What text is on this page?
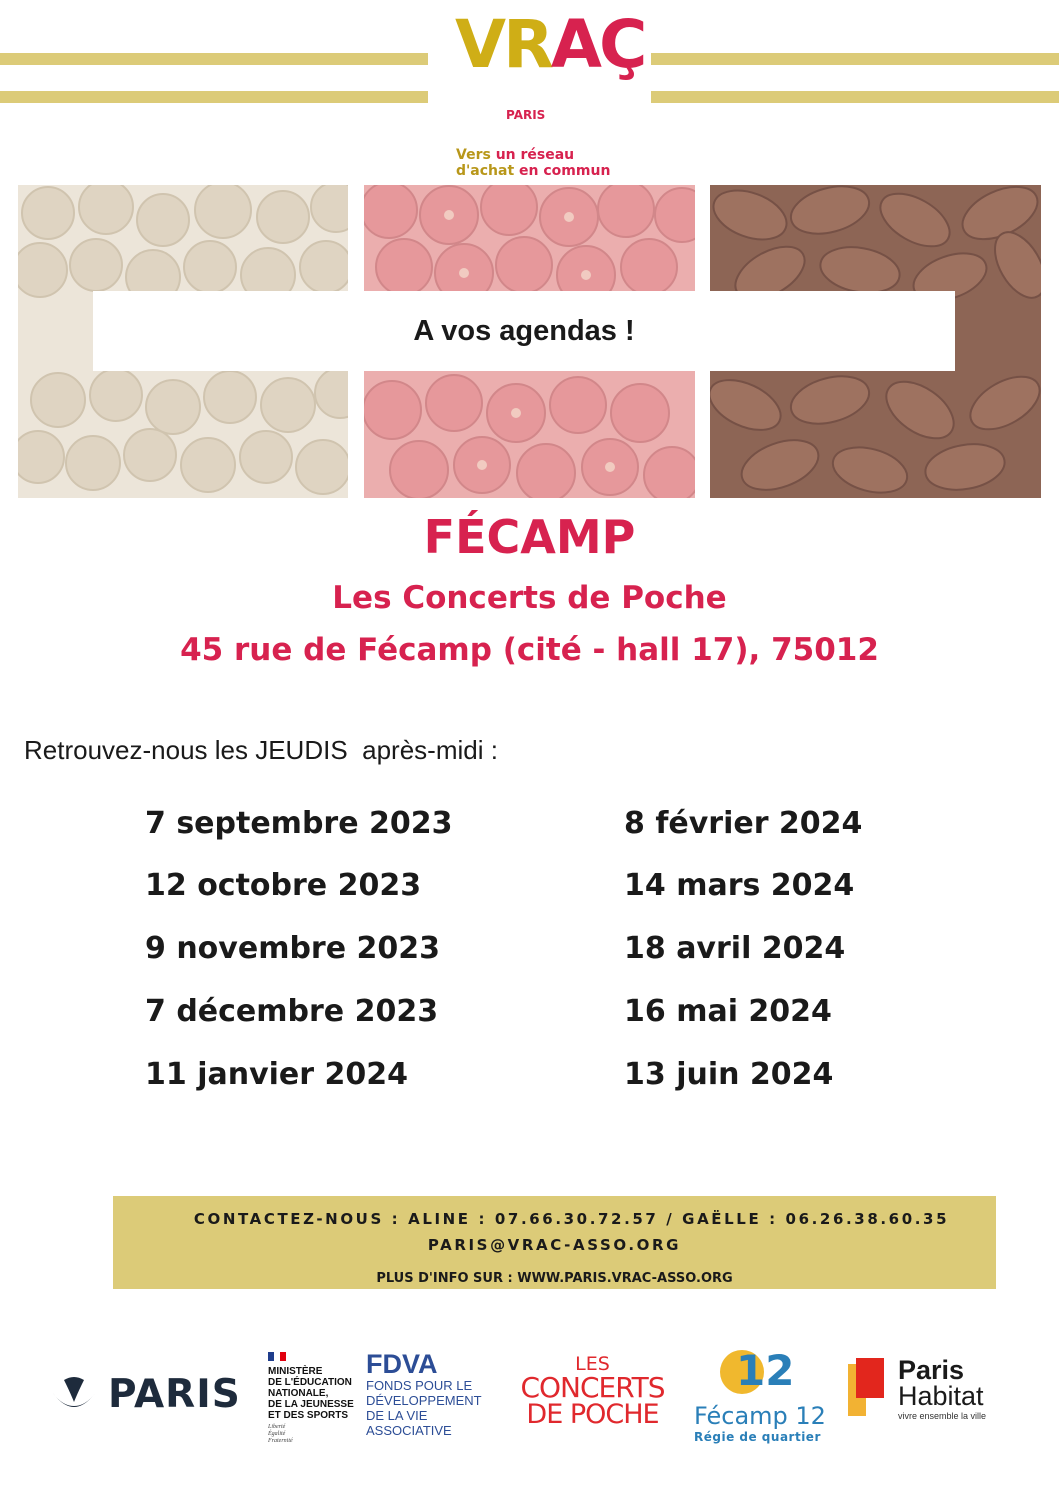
VRAÇ
PARIS
Vers un réseau
d'achat en commun
A vos agendas !
FÉCAMP
Les Concerts de Poche
45 rue de Fécamp (cité - hall 17), 75012
Retrouvez-nous les JEUDIS  après-midi :
7 septembre 2023
12 octobre 2023
9 novembre 2023
7 décembre 2023
11 janvier 2024
8 février 2024
14 mars 2024
18 avril 2024
16 mai 2024
13 juin 2024
CONTACTEZ-NOUS : ALINE : 07.66.30.72.57 / GAËLLE : 06.26.38.60.35
PARIS@VRAC-ASSO.ORG
PLUS D'INFO SUR : WWW.PARIS.VRAC-ASSO.ORG
PARIS
MINISTÈRE
DE L'ÉDUCATION
NATIONALE,
DE LA JEUNESSE
ET DES SPORTS
Liberté
Égalité
Fraternité
FDVA
FONDS POUR LE
DÉVELOPPEMENT
DE LA VIE
ASSOCIATIVE
LES
CONCERTS
DE POCHE
12
Fécamp 12
Régie de quartier
Paris
Habitat
vivre ensemble la ville
